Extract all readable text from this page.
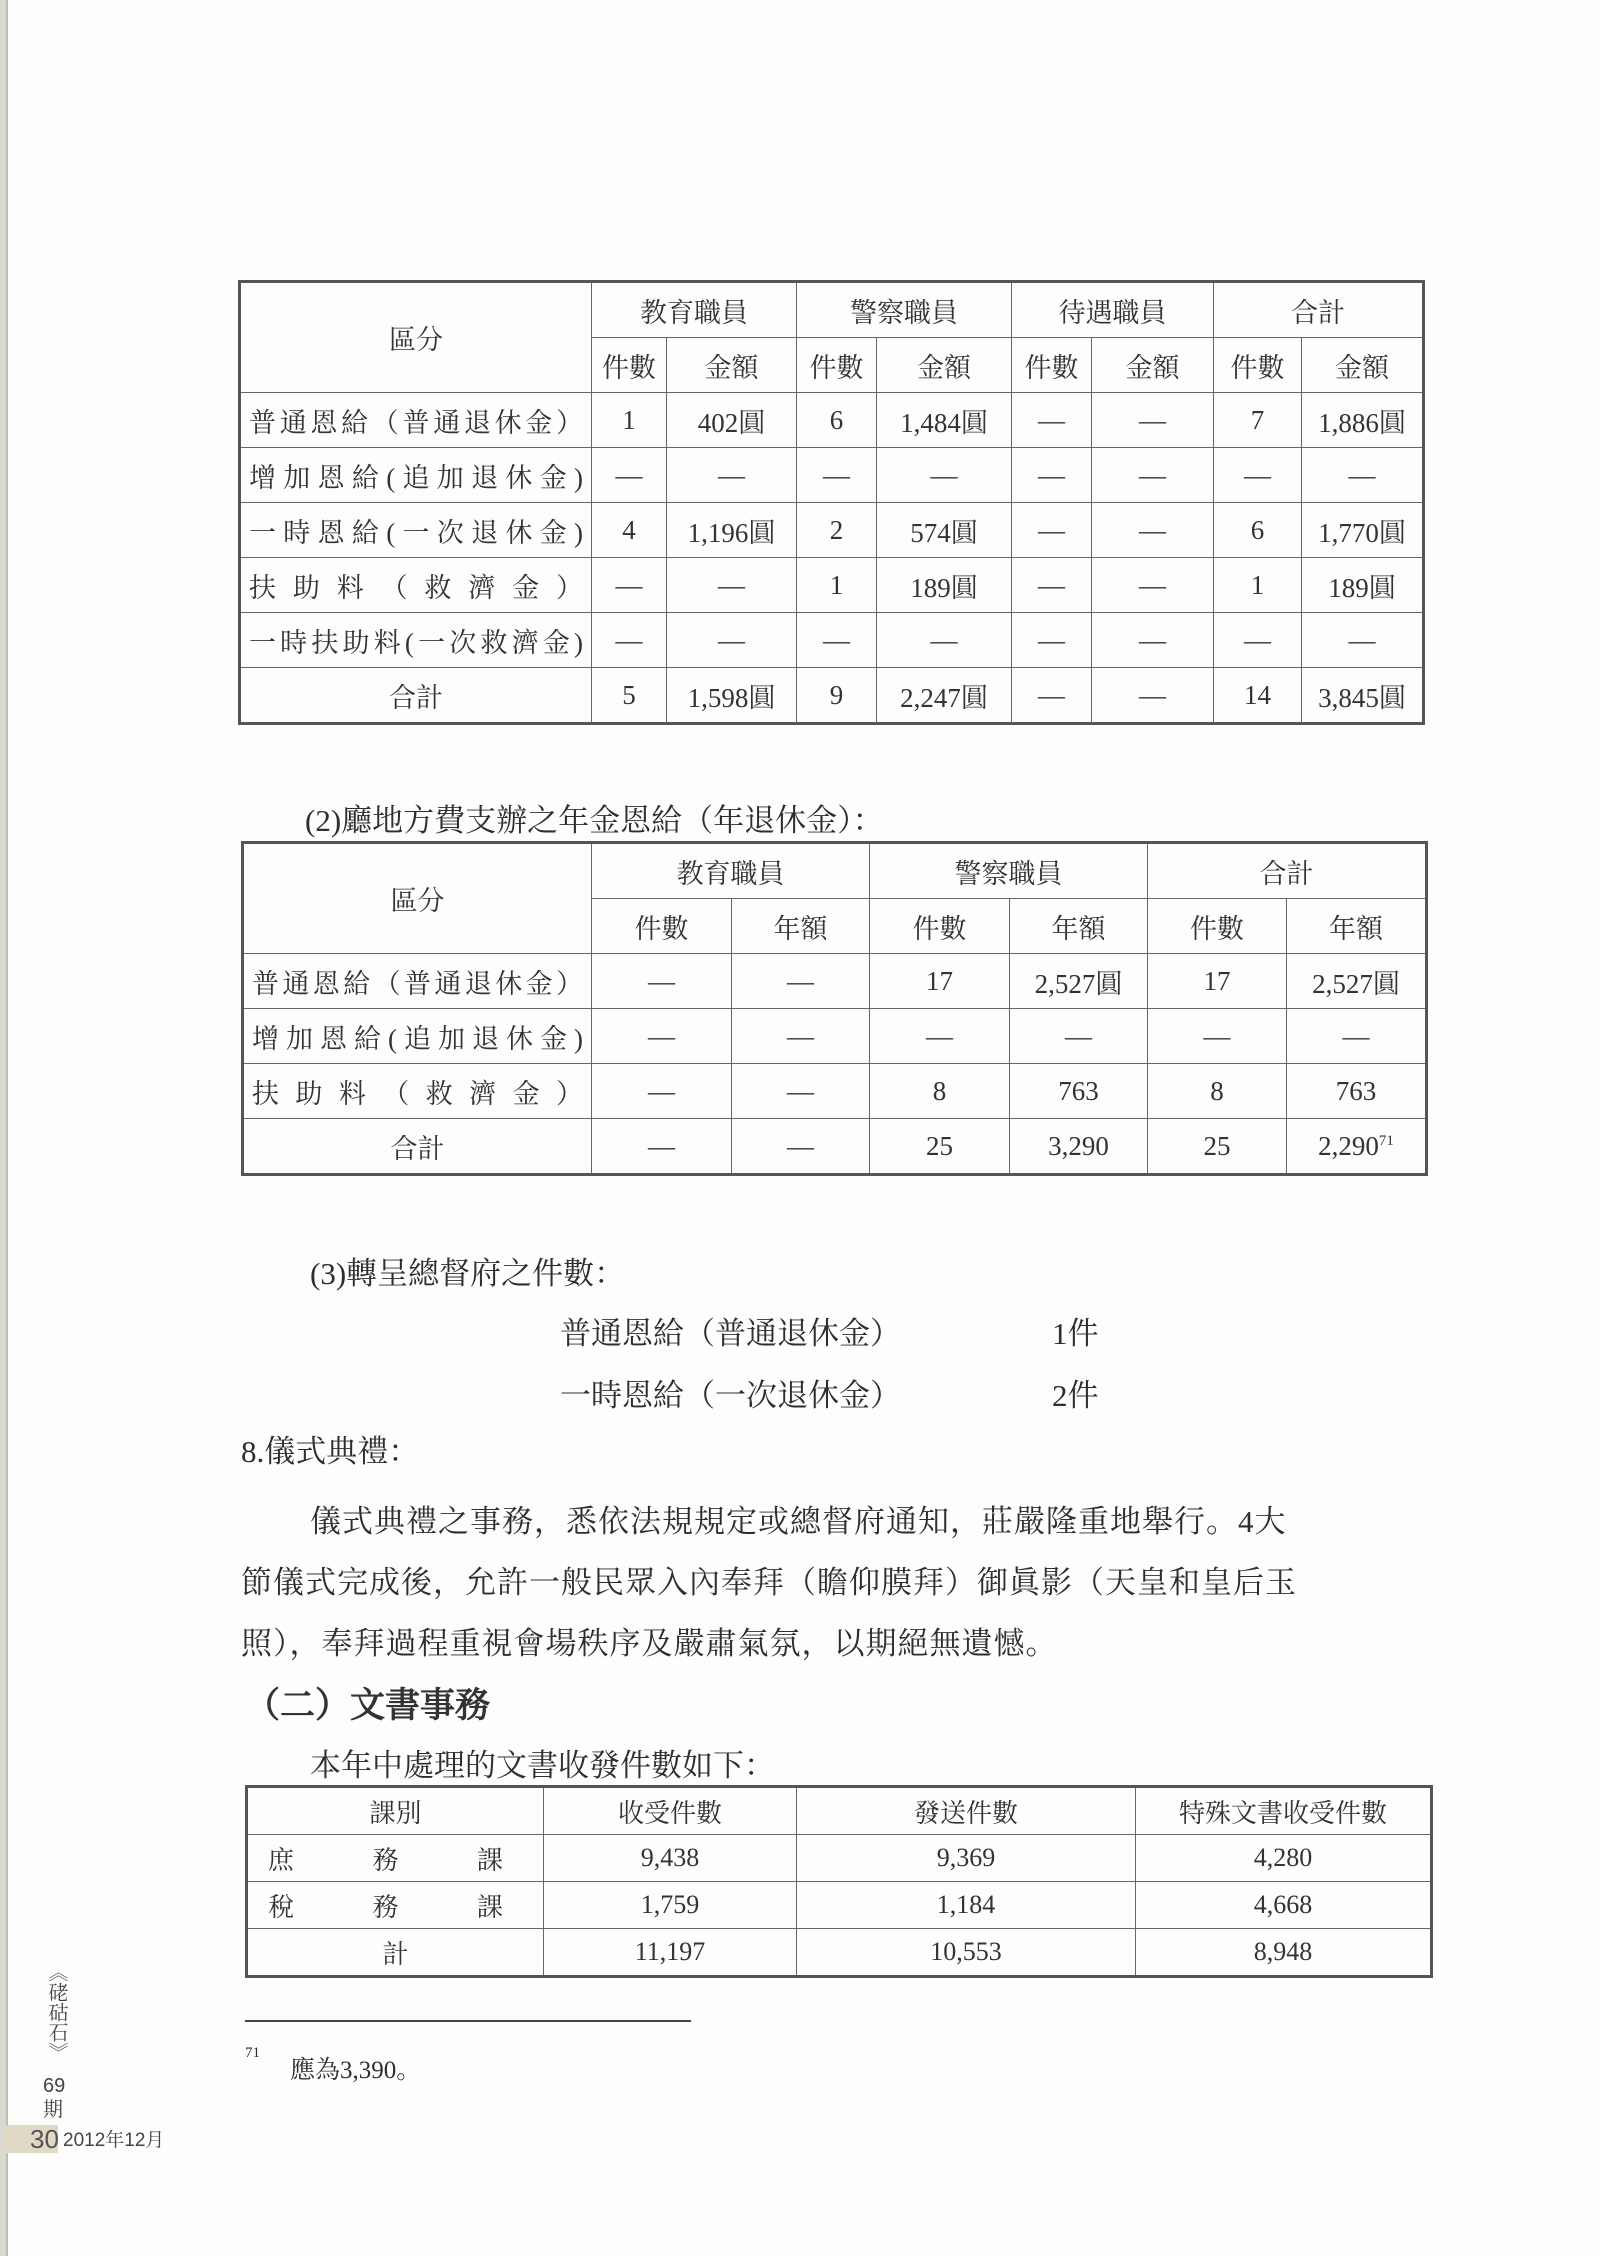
區分	教育職員		警察職員		待遇職員		合計	
	件數	金額	件數	金額	件數	金額	件數	金額
普通恩給（普通退休金）	1	402圓	6	1,484圓	—	—	7	1,886圓
增加恩給(追加退休金)	—	—	—	—	—	—	—	—
一時恩給(一次退休金)	4	1,196圓	2	574圓	—	—	6	1,770圓
扶助料（救濟金）	—	—	1	189圓	—	—	1	189圓
一時扶助料(一次救濟金)	—	—	—	—	—	—	—	—
合計	5	1,598圓	9	2,247圓	—	—	14	3,845圓
(2)廳地方費支辦之年金恩給（年退休金）：
區分	教育職員		警察職員		合計	
	件數	年額	件數	年額	件數	年額
普通恩給（普通退休金）	—	—	17	2,527圓	17	2,527圓
增加恩給(追加退休金)	—	—	—	—	—	—
扶助料（救濟金）	—	—	8	763	8	763
合計	—	—	25	3,290	25	2,290$^{71}$
(3)轉呈總督府之件數：
普通恩給（普通退休金）	1件
一時恩給（一次退休金）	2件
8.儀式典禮：
儀式典禮之事務，悉依法規規定或總督府通知，莊嚴隆重地舉行。4大
節儀式完成後，允許一般民眾入內奉拜（瞻仰膜拜）御眞影（天皇和皇后玉
照），奉拜過程重視會場秩序及嚴肅氣氛，以期絕無遺憾。
（二）文書事務
本年中處理的文書收發件數如下：
課別	收受件數	發送件數	特殊文書收受件數
庶務課	9,438	9,369	4,280
稅務課	1,759	1,184	4,668
計	11,197	10,553	8,948
71
應為3,390。
《硓𥑮石》
69
期
30 2012年12月
